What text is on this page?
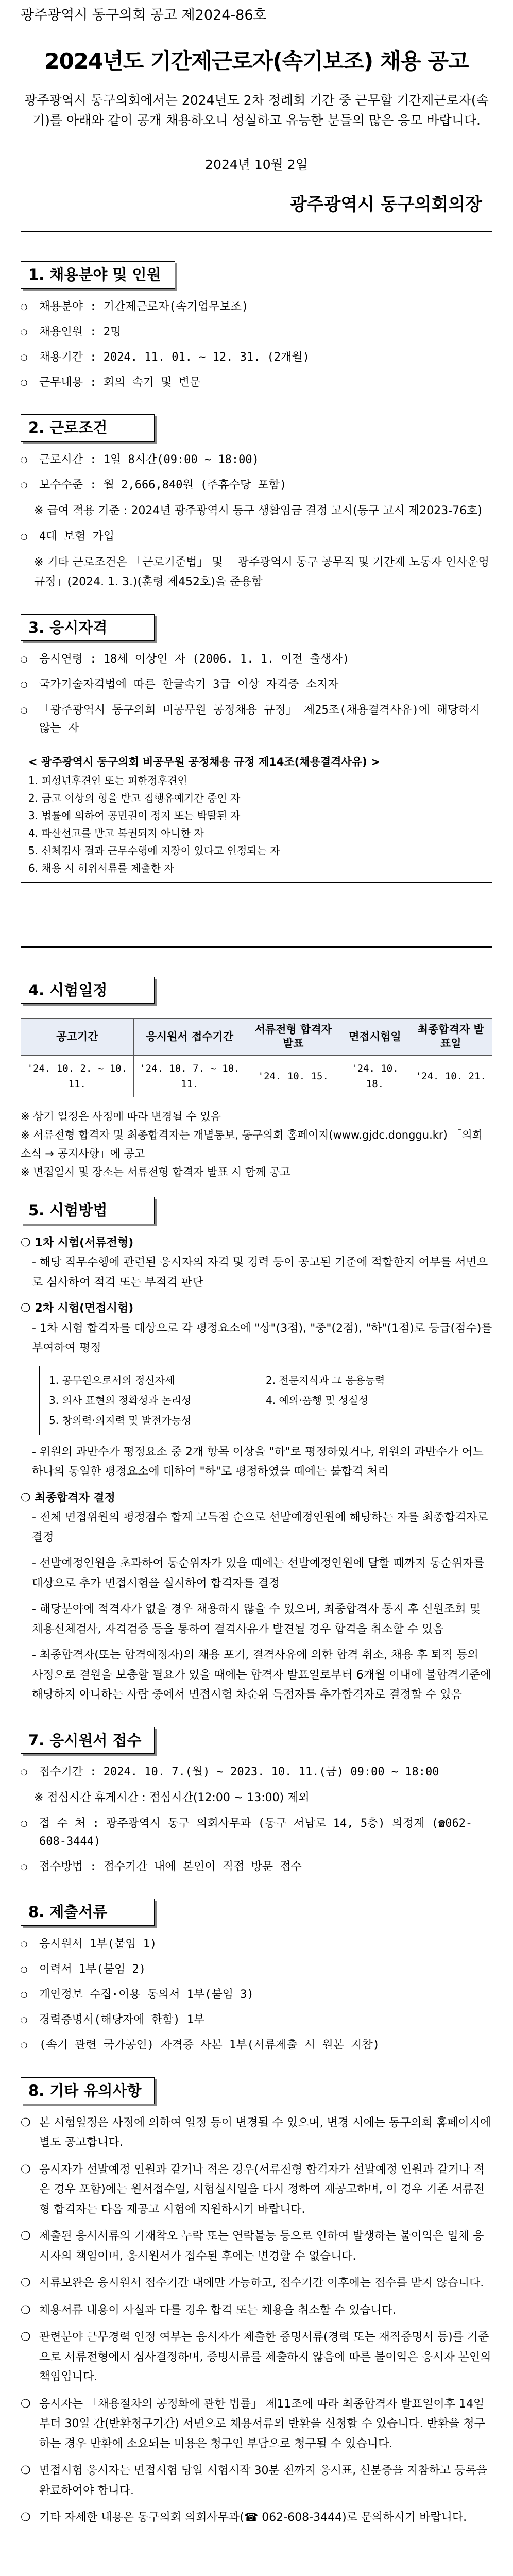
광주광역시 동구의회 공고 제2024-86호
2024년도 기간제근로자(속기보조) 채용 공고

광주광역시 동구의회에서는 2024년도 2차 정례회 기간 중 근무할 기간제근로자(속기)를 아래와 같이 공개 채용하오니 성실하고 유능한 분들의 많은 응모 바랍니다.

2024년 10월 2일

광주광역시 동구의회의장

1. 채용분야 및 인원
❍ 채용분야 : 기간제근로자(속기업무보조)
❍ 채용인원 : 2명
❍ 채용기간 : 2024. 11. 01. ~ 12. 31. (2개월)
❍ 근무내용 : 회의 속기 및 변문
2. 근로조건
❍ 근로시간 : 1일 8시간(09:00 ~ 18:00)
❍ 보수수준 : 월 2,666,840원 (주휴수당 포함)

※ 급여 적용 기준 : 2024년 광주광역시 동구 생활임금 결정 고시(동구 고시 제2023-76호)

❍ 4대 보험 가입

※ 기타 근로조건은 「근로기준법」 및 「광주광역시 동구 공무직 및 기간제 노동자 인사운영 규정」(2024. 1. 3.)(훈령 제452호)을 준용함

3. 응시자격
❍ 응시연령 : 18세 이상인 자 (2006. 1. 1. 이전 출생자)
❍ 국가기술자격법에 따른 한글속기 3급 이상 자격증 소지자
❍ 「광주광역시 동구의회 비공무원 공정채용 규정」 제25조(채용결격사유)에 해당하지 않는 자
< 광주광역시 동구의회 비공무원 공정채용 규정 제14조(채용결격사유) >
1. 피성년후견인 또는 피한정후견인
2. 금고 이상의 형을 받고 집행유예기간 중인 자
3. 법률에 의하여 공민권이 정지 또는 박탈된 자
4. 파산선고를 받고 복권되지 아니한 자
5. 신체검사 결과 근무수행에 지장이 있다고 인정되는 자
6. 채용 시 허위서류를 제출한 자
4. 시험일정
공고기간	응시원서 접수기간	서류전형 합격자 발표	면접시험일	최종합격자 발표일
'24. 10. 2. ~ 10. 11.	'24. 10. 7. ~ 10. 11.	'24. 10. 15.	'24. 10. 18.	'24. 10. 21.

※ 상기 일정은 사정에 따라 변경될 수 있음

※ 서류전형 합격자 및 최종합격자는 개별통보, 동구의회 홈페이지(www.gjdc.donggu.kr) 「의회소식 → 공지사항」에 공고

※ 면접일시 및 장소는 서류전형 합격자 발표 시 함께 공고

5. 시험방법

❍ 1차 시험(서류전형)

- 해당 직무수행에 관련된 응시자의 자격 및 경력 등이 공고된 기준에 적합한지 여부를 서면으로 심사하여 적격 또는 부적격 판단

❍ 2차 시험(면접시험)

- 1차 시험 합격자를 대상으로 각 평정요소에 "상"(3점), "중"(2점), "하"(1점)로 등급(점수)를 부여하여 평정

1. 공무원으로서의 정신자세	2. 전문지식과 그 응용능력
3. 의사 표현의 정확성과 논리성	4. 예의·품행 및 성실성
5. 창의력·의지력 및 발전가능성

- 위원의 과반수가 평정요소 중 2개 항목 이상을 "하"로 평정하였거나, 위원의 과반수가 어느 하나의 동일한 평정요소에 대하여 "하"로 평정하였을 때에는 불합격 처리

❍ 최종합격자 결정

- 전체 면접위원의 평정점수 합계 고득점 순으로 선발예정인원에 해당하는 자를 최종합격자로 결정

- 선발예정인원을 초과하여 동순위자가 있을 때에는 선발예정인원에 달할 때까지 동순위자를 대상으로 추가 면접시험을 실시하여 합격자를 결정

- 해당분야에 적격자가 없을 경우 채용하지 않을 수 있으며, 최종합격자 통지 후 신원조회 및 채용신체검사, 자격검증 등을 통하여 결격사유가 발견될 경우 합격을 취소할 수 있음

- 최종합격자(또는 합격예정자)의 채용 포기, 결격사유에 의한 합격 취소, 채용 후 퇴직 등의 사정으로 결원을 보충할 필요가 있을 때에는 합격자 발표일로부터 6개월 이내에 불합격기준에 해당하지 아니하는 사람 중에서 면접시험 차순위 득점자를 추가합격자로 결정할 수 있음

7. 응시원서 접수
❍ 접수기간 : 2024. 10. 7.(월) ~ 2023. 10. 11.(금) 09:00 ~ 18:00

※ 점심시간 휴게시간 : 점심시간(12:00 ~ 13:00) 제외

❍ 접 수 처 : 광주광역시 동구 의회사무과 (동구 서남로 14, 5층) 의정계 (☎062-608-3444)
❍ 접수방법 : 접수기간 내에 본인이 직접 방문 접수
8. 제출서류
❍ 응시원서 1부(붙임 1)
❍ 이력서 1부(붙임 2)
❍ 개인정보 수집·이용 동의서 1부(붙임 3)
❍ 경력증명서(해당자에 한함) 1부
❍ (속기 관련 국가공인) 자격증 사본 1부(서류제출 시 원본 지참)
8. 기타 유의사항
❍ 본 시험일정은 사정에 의하여 일정 등이 변경될 수 있으며, 변경 시에는 동구의회 홈페이지에 별도 공고합니다.
❍ 응시자가 선발예정 인원과 같거나 적은 경우(서류전형 합격자가 선발예정 인원과 같거나 적은 경우 포함)에는 원서접수일, 시험실시일을 다시 정하여 재공고하며, 이 경우 기존 서류전형 합격자는 다음 재공고 시험에 지원하시기 바랍니다.
❍ 제출된 응시서류의 기재착오 누락 또는 연락불능 등으로 인하여 발생하는 불이익은 일체 응시자의 책임이며, 응시원서가 접수된 후에는 변경할 수 없습니다.
❍ 서류보완은 응시원서 접수기간 내에만 가능하고, 접수기간 이후에는 접수를 받지 않습니다.
❍ 채용서류 내용이 사실과 다를 경우 합격 또는 채용을 취소할 수 있습니다.
❍ 관련분야 근무경력 인정 여부는 응시자가 제출한 증명서류(경력 또는 재직증명서 등)를 기준으로 서류전형에서 심사결정하며, 증빙서류를 제출하지 않음에 따른 불이익은 응시자 본인의 책임입니다.
❍ 응시자는 「채용절차의 공정화에 관한 법률」 제11조에 따라 최종합격자 발표일이후 14일부터 30일 간(반환청구기간) 서면으로 채용서류의 반환을 신청할 수 있습니다. 반환을 청구하는 경우 반환에 소요되는 비용은 청구인 부담으로 청구될 수 있습니다.
❍ 면접시험 응시자는 면접시험 당일 시험시작 30분 전까지 응시표, 신분증을 지참하고 등록을 완료하여야 합니다.
❍ 기타 자세한 내용은 동구의회 의회사무과(☎ 062-608-3444)로 문의하시기 바랍니다.
